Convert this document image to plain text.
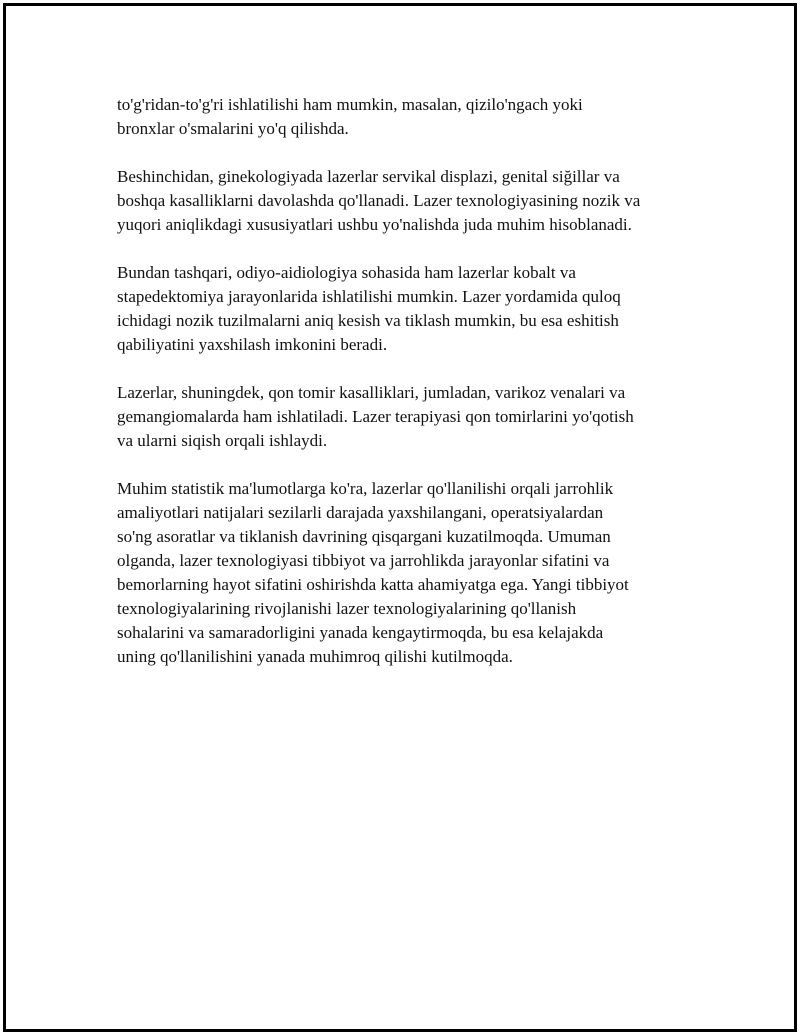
to'g'ridan-to'g'ri ishlatilishi ham mumkin, masalan, qizilo'ngach yoki
bronxlar o'smalarini yo'q qilishda.

Beshinchidan, ginekologiyada lazerlar servikal displazi, genital siğillar va
boshqa kasalliklarni davolashda qo'llanadi. Lazer texnologiyasining nozik va
yuqori aniqlikdagi xususiyatlari ushbu yo'nalishda juda muhim hisoblanadi.

Bundan tashqari, odiyo-aidiologiya sohasida ham lazerlar kobalt va
stapedektomiya jarayonlarida ishlatilishi mumkin. Lazer yordamida quloq
ichidagi nozik tuzilmalarni aniq kesish va tiklash mumkin, bu esa eshitish
qabiliyatini yaxshilash imkonini beradi.

Lazerlar, shuningdek, qon tomir kasalliklari, jumladan, varikoz venalari va
gemangiomalarda ham ishlatiladi. Lazer terapiyasi qon tomirlarini yo'qotish
va ularni siqish orqali ishlaydi.

Muhim statistik ma'lumotlarga ko'ra, lazerlar qo'llanilishi orqali jarrohlik
amaliyotlari natijalari sezilarli darajada yaxshilangani, operatsiyalardan
so'ng asoratlar va tiklanish davrining qisqargani kuzatilmoqda. Umuman
olganda, lazer texnologiyasi tibbiyot va jarrohlikda jarayonlar sifatini va
bemorlarning hayot sifatini oshirishda katta ahamiyatga ega. Yangi tibbiyot
texnologiyalarining rivojlanishi lazer texnologiyalarining qo'llanish
sohalarini va samaradorligini yanada kengaytirmoqda, bu esa kelajakda
uning qo'llanilishini yanada muhimroq qilishi kutilmoqda.
